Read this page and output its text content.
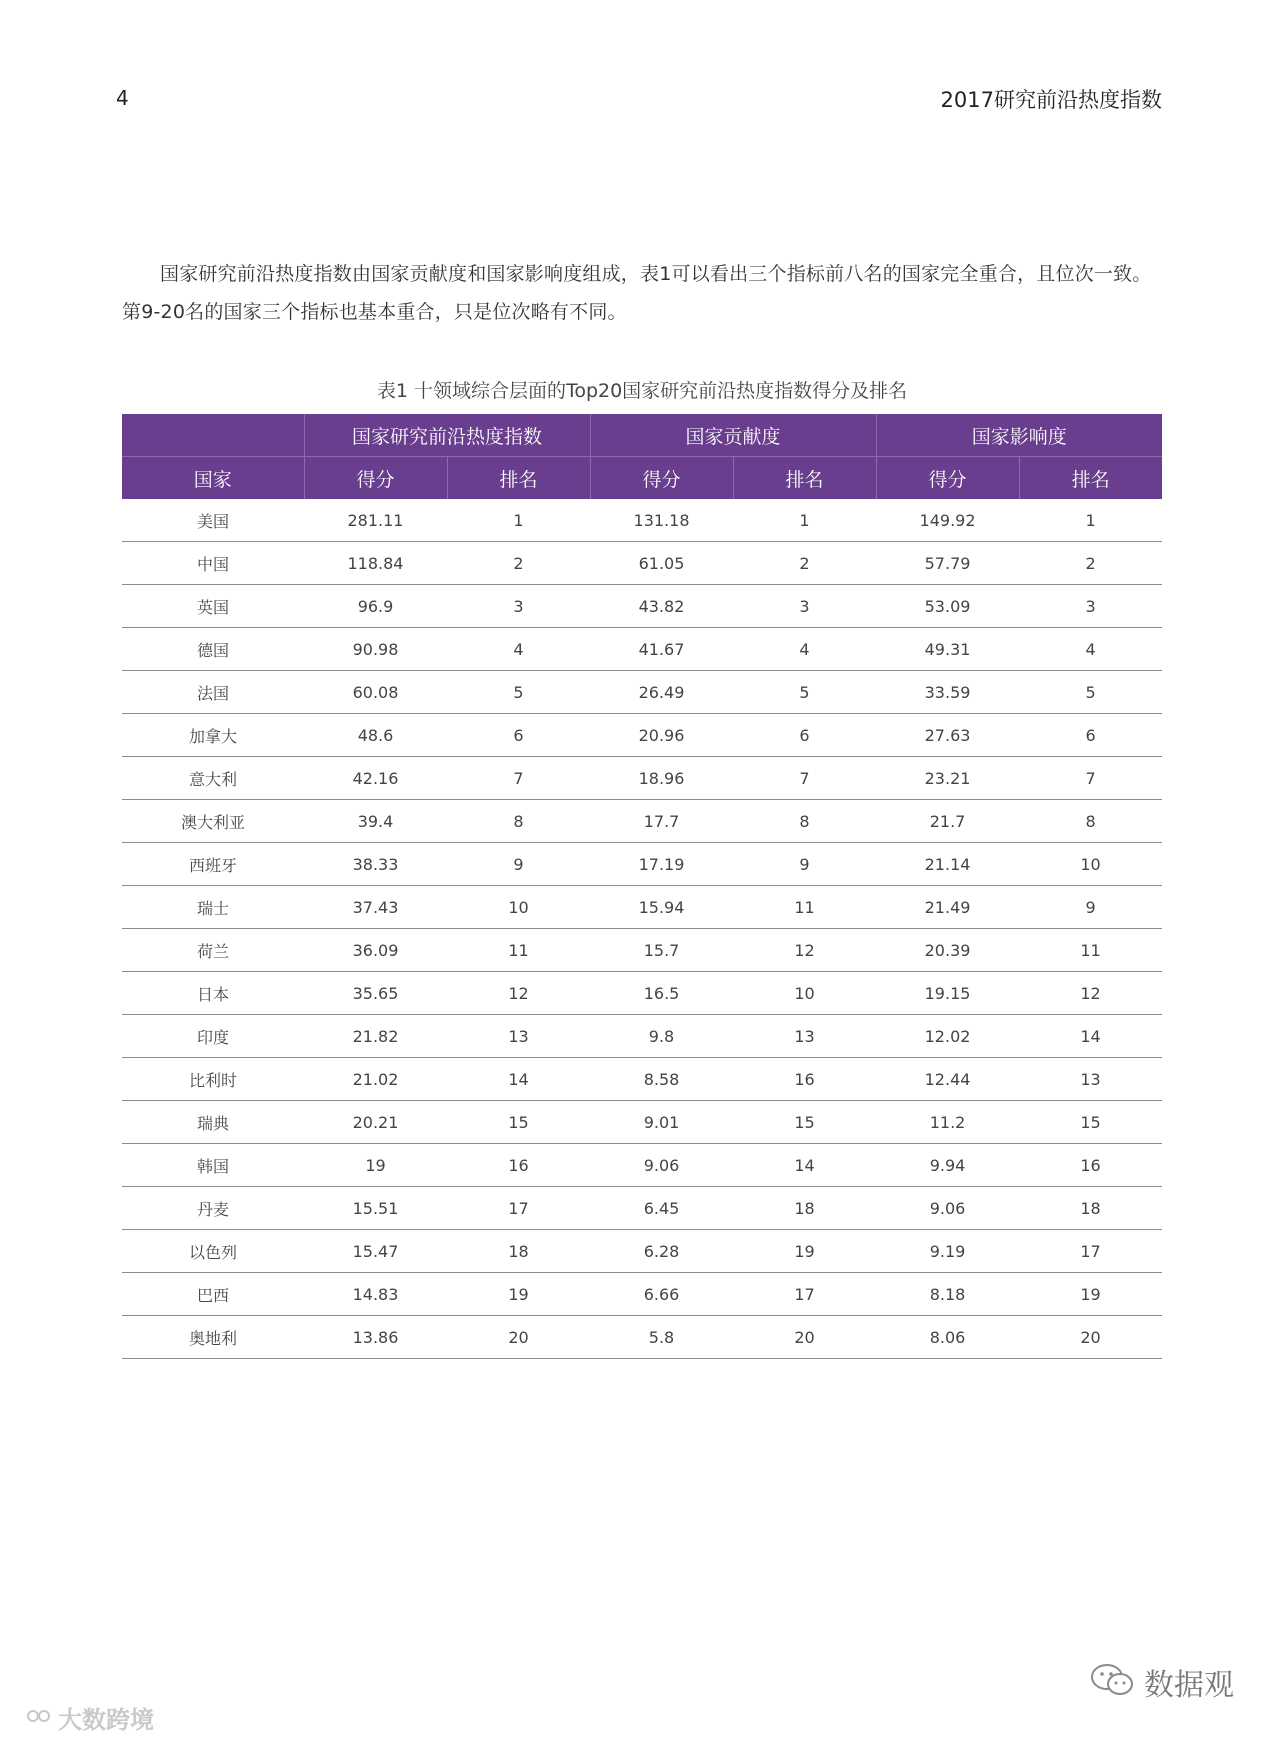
4	2017研究前沿热度指数

国家研究前沿热度指数由国家贡献度和国家影响度组成，表1可以看出三个指标前八名的国家完全重合，且位次一致。第9-20名的国家三个指标也基本重合，只是位次略有不同。

表1 十领域综合层面的Top20国家研究前沿热度指数得分及排名
	国家研究前沿热度指数		国家贡献度		国家影响度	
国家	得分	排名	得分	排名	得分	排名
美国	281.11	1	131.18	1	149.92	1
中国	118.84	2	61.05	2	57.79	2
英国	96.9	3	43.82	3	53.09	3
德国	90.98	4	41.67	4	49.31	4
法国	60.08	5	26.49	5	33.59	5
加拿大	48.6	6	20.96	6	27.63	6
意大利	42.16	7	18.96	7	23.21	7
澳大利亚	39.4	8	17.7	8	21.7	8
西班牙	38.33	9	17.19	9	21.14	10
瑞士	37.43	10	15.94	11	21.49	9
荷兰	36.09	11	15.7	12	20.39	11
日本	35.65	12	16.5	10	19.15	12
印度	21.82	13	9.8	13	12.02	14
比利时	21.02	14	8.58	16	12.44	13
瑞典	20.21	15	9.01	15	11.2	15
韩国	19	16	9.06	14	9.94	16
丹麦	15.51	17	6.45	18	9.06	18
以色列	15.47	18	6.28	19	9.19	17
巴西	14.83	19	6.66	17	8.18	19
奥地利	13.86	20	5.8	20	8.06	20
大数跨境
数据观
